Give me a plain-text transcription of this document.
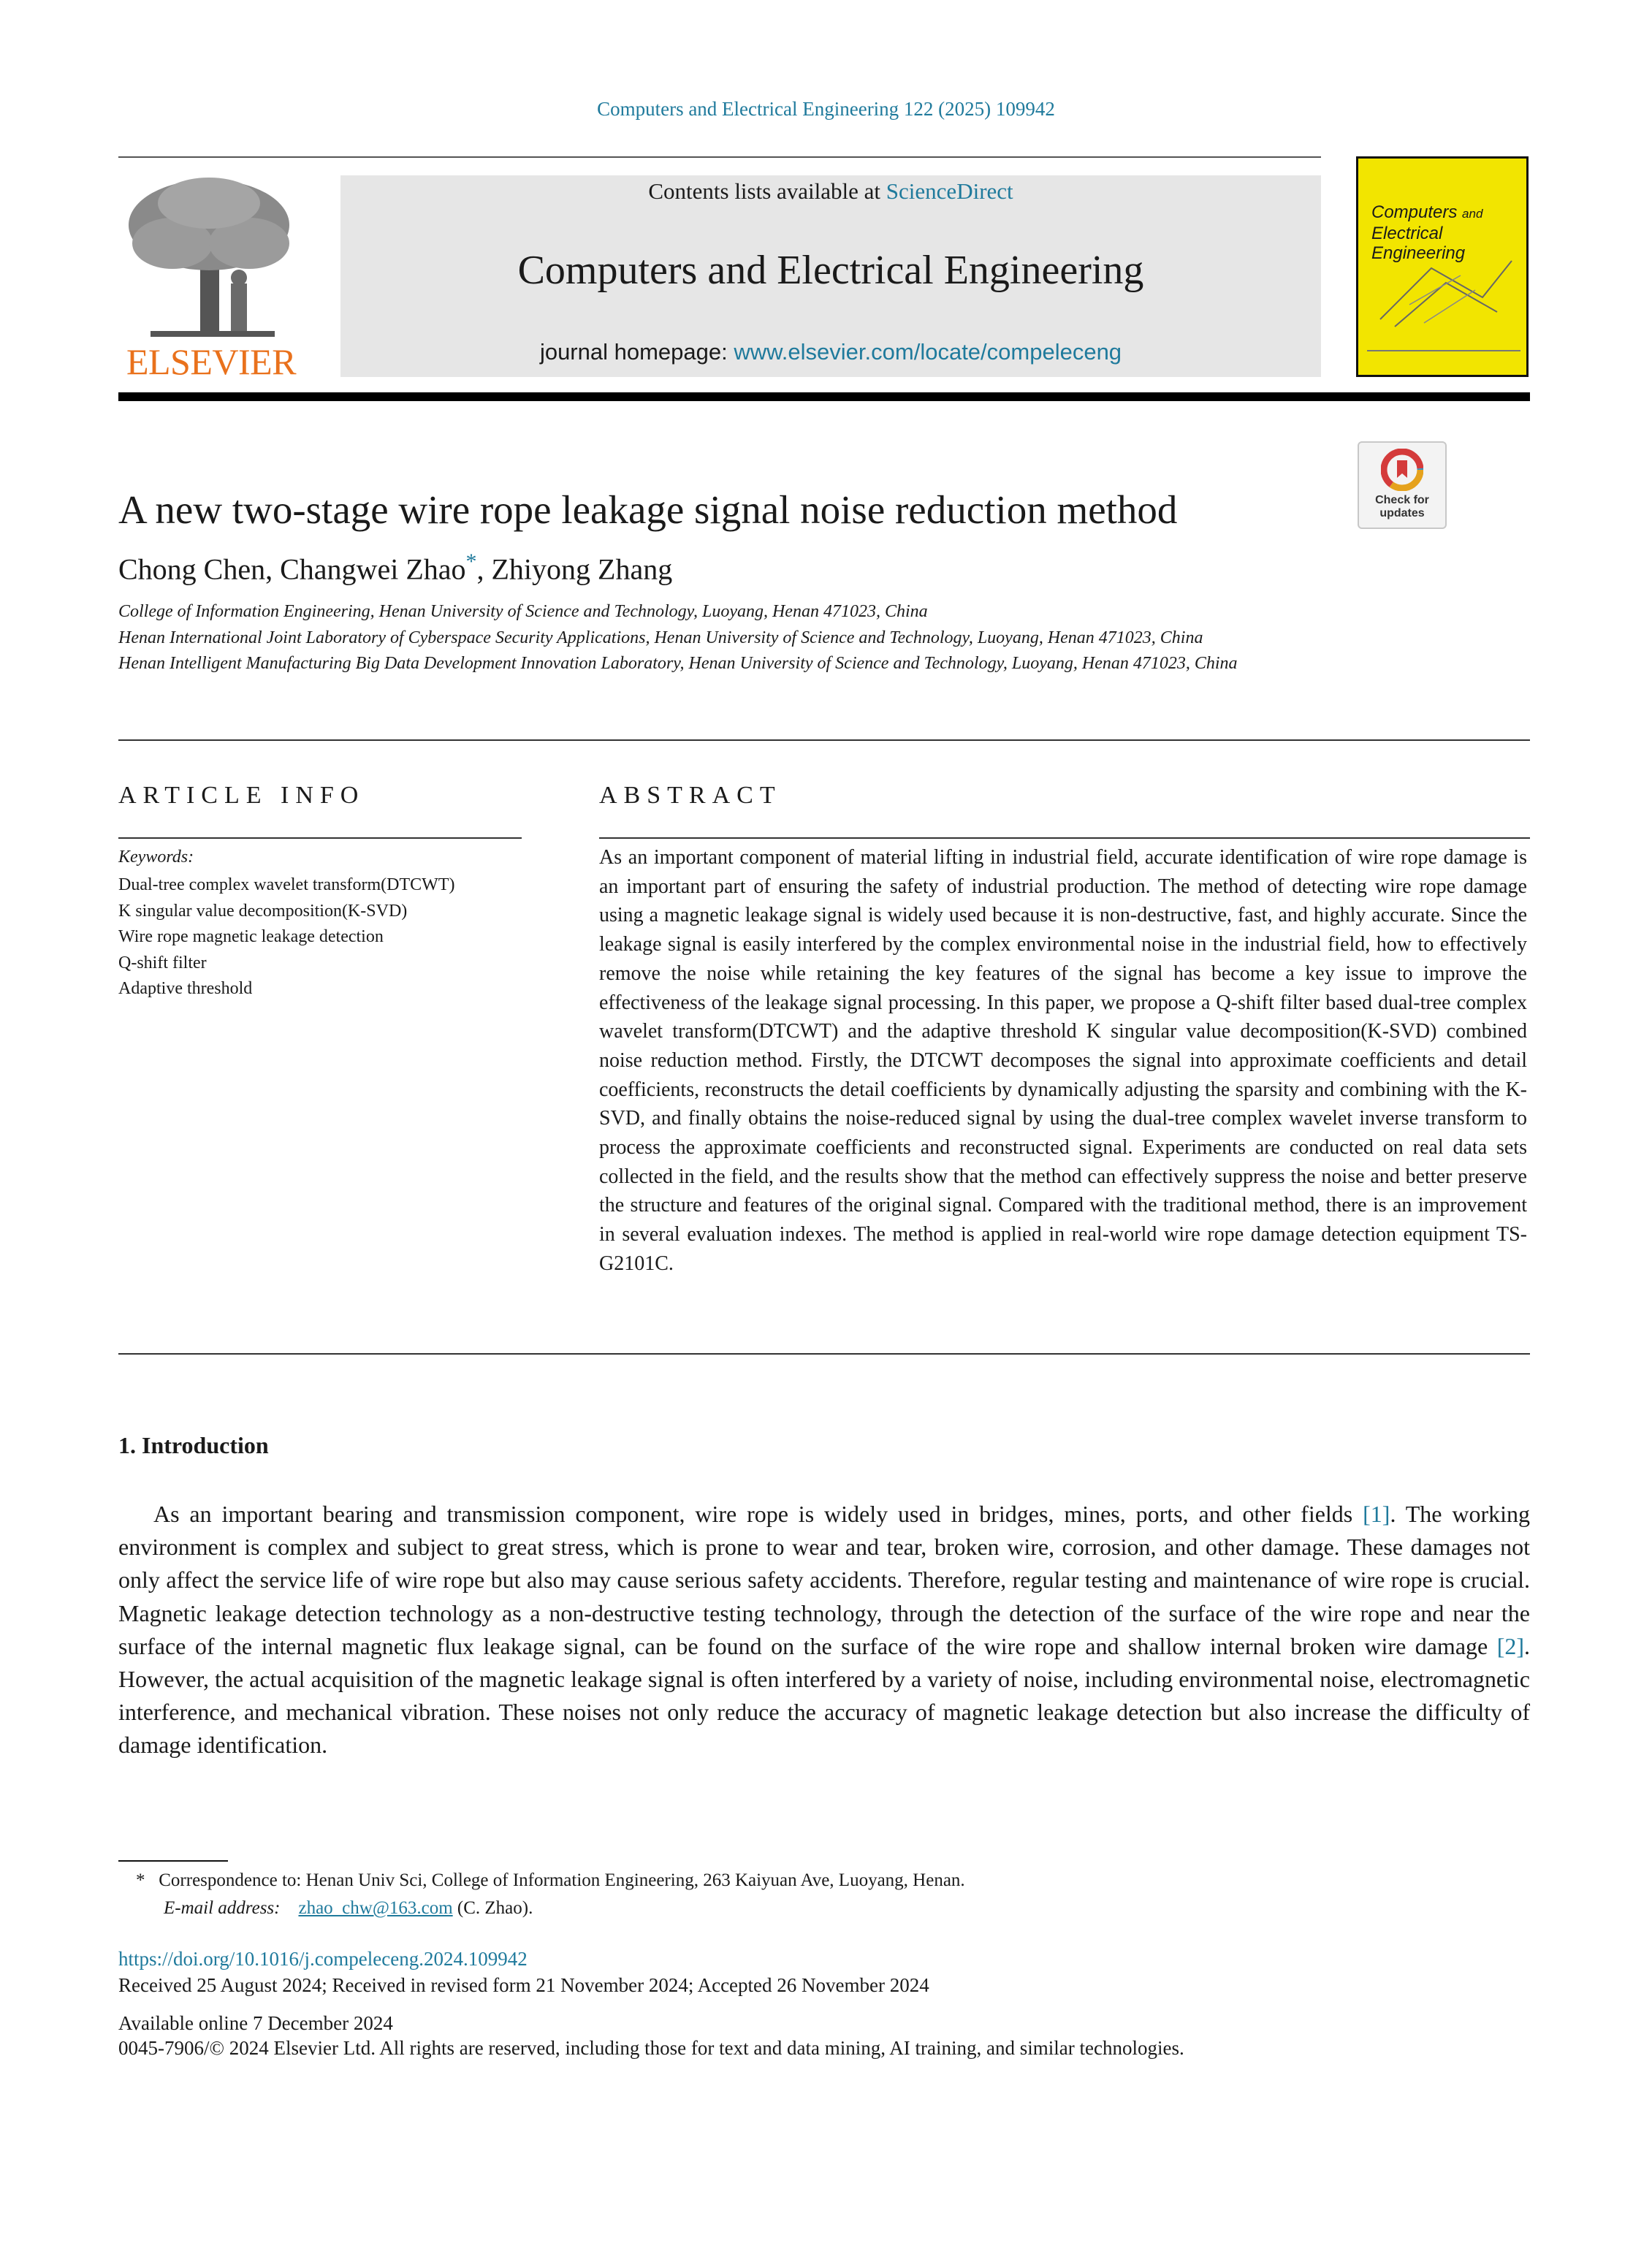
Computers and Electrical Engineering 122 (2025) 109942
ELSEVIER
Contents lists available at ScienceDirect
Computers and Electrical Engineering
journal homepage: www.elsevier.com/locate/compeleceng
Computers and
Electrical Engineering
Check for
updates
A new two-stage wire rope leakage signal noise reduction method
Chong Chen, Changwei Zhao*, Zhiyong Zhang
College of Information Engineering, Henan University of Science and Technology, Luoyang, Henan 471023, China
Henan International Joint Laboratory of Cyberspace Security Applications, Henan University of Science and Technology, Luoyang, Henan 471023, China
Henan Intelligent Manufacturing Big Data Development Innovation Laboratory, Henan University of Science and Technology, Luoyang, Henan 471023, China
ARTICLE INFO
Keywords:
Dual-tree complex wavelet transform(DTCWT)
K singular value decomposition(K-SVD)
Wire rope magnetic leakage detection
Q-shift filter
Adaptive threshold
ABSTRACT

As an important component of material lifting in industrial field, accurate identification of wire rope damage is an important part of ensuring the safety of industrial production. The method of detecting wire rope damage using a magnetic leakage signal is widely used because it is non-destructive, fast, and highly accurate. Since the leakage signal is easily interfered by the complex environmental noise in the industrial field, how to effectively remove the noise while retaining the key features of the signal has become a key issue to improve the effectiveness of the leakage signal processing. In this paper, we propose a Q-shift filter based dual-tree complex wavelet transform(DTCWT) and the adaptive threshold K singular value decomposition(K-SVD) combined noise reduction method. Firstly, the DTCWT decomposes the signal into approximate coefficients and detail coefficients, reconstructs the detail coefficients by dynamically adjusting the sparsity and combining with the K-SVD, and finally obtains the noise-reduced signal by using the dual-tree complex wavelet inverse transform to process the approximate coefficients and reconstructed signal. Experiments are conducted on real data sets collected in the field, and the results show that the method can effectively suppress the noise and better preserve the structure and features of the original signal. Compared with the traditional method, there is an improvement in several evaluation indexes. The method is applied in real-world wire rope damage detection equipment TS-G2101C.

1. Introduction

As an important bearing and transmission component, wire rope is widely used in bridges, mines, ports, and other fields [1]. The working environment is complex and subject to great stress, which is prone to wear and tear, broken wire, corrosion, and other damage. These damages not only affect the service life of wire rope but also may cause serious safety accidents. Therefore, regular testing and maintenance of wire rope is crucial. Magnetic leakage detection technology as a non-destructive testing technology, through the detection of the surface of the wire rope and near the surface of the internal magnetic flux leakage signal, can be found on the surface of the wire rope and shallow internal broken wire damage [2]. However, the actual acquisition of the magnetic leakage signal is often interfered by a variety of noise, including environmental noise, electromagnetic interference, and mechanical vibration. These noises not only reduce the accuracy of magnetic leakage detection but also increase the difficulty of damage identification.

* Correspondence to: Henan Univ Sci, College of Information Engineering, 263 Kaiyuan Ave, Luoyang, Henan.
E-mail address: zhao_chw@163.com (C. Zhao).
https://doi.org/10.1016/j.compeleceng.2024.109942
Received 25 August 2024; Received in revised form 21 November 2024; Accepted 26 November 2024
Available online 7 December 2024
0045-7906/© 2024 Elsevier Ltd. All rights are reserved, including those for text and data mining, AI training, and similar technologies.
